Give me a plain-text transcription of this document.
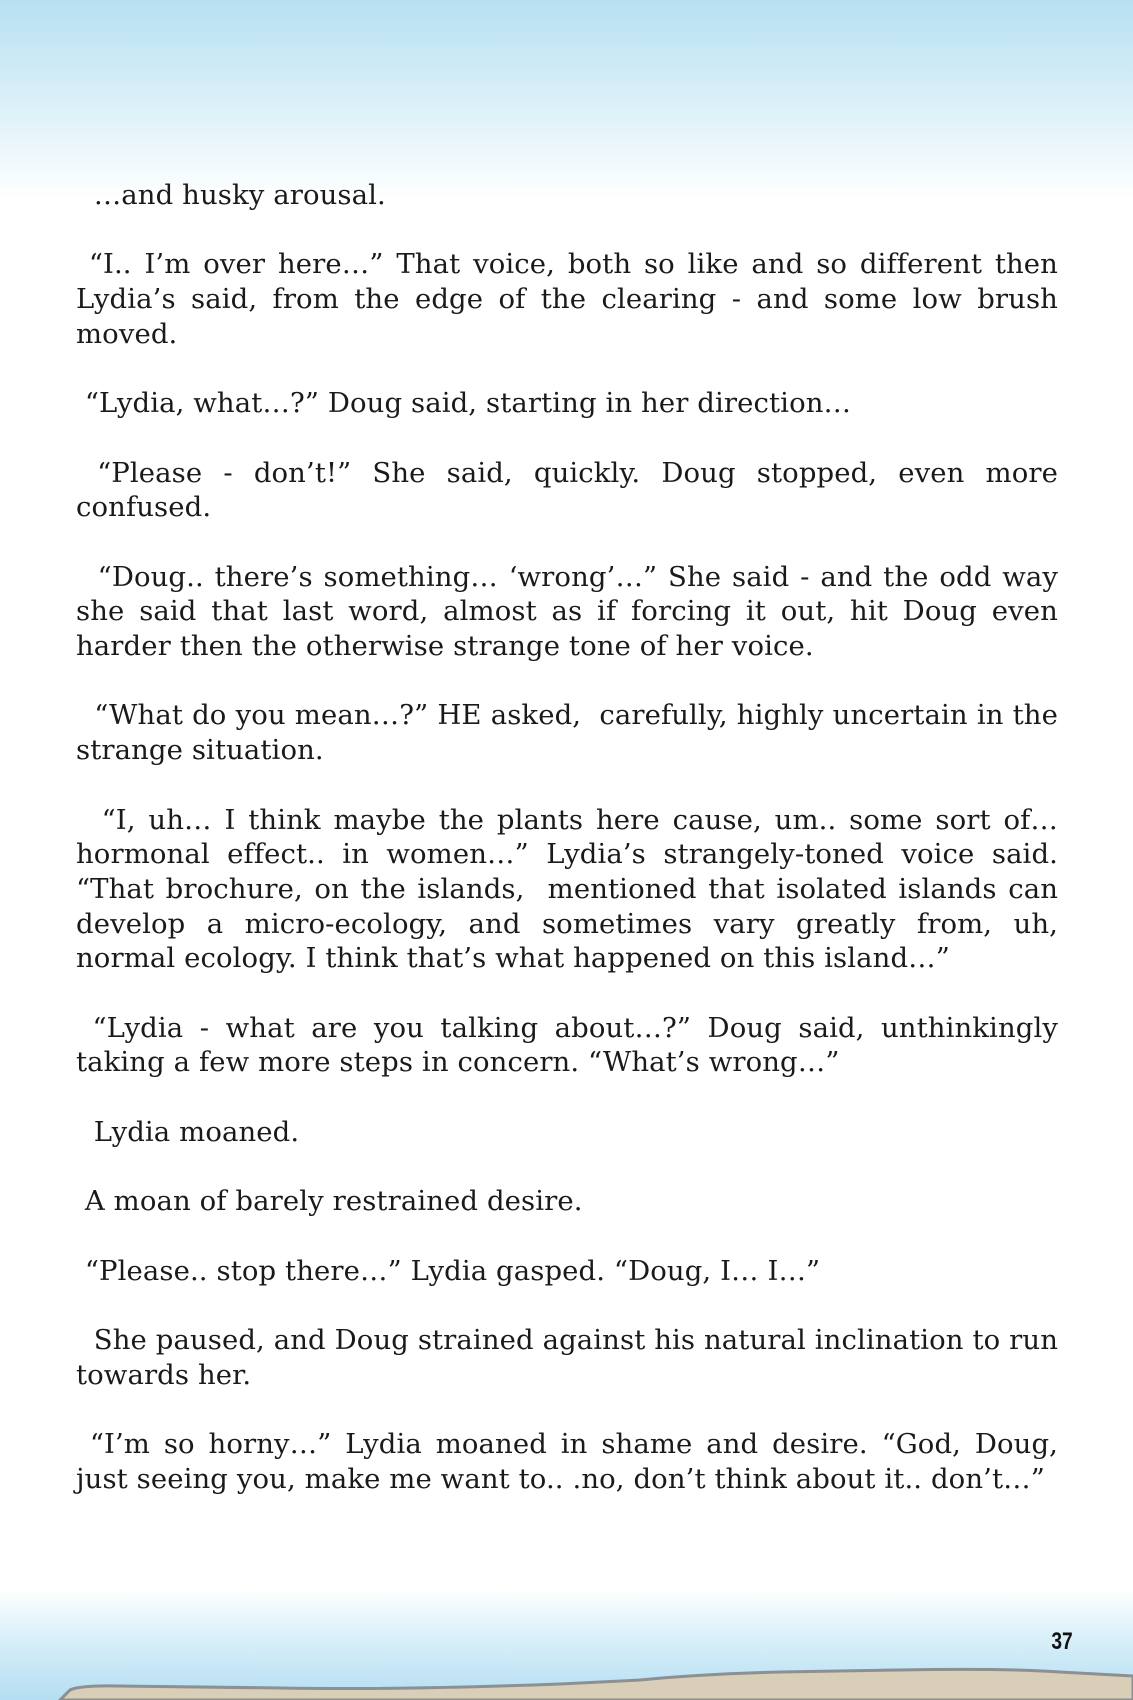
…and husky arousal.

“I.. I’m over here…” That voice, both so like and so different then Lydia’s said, from the edge of the clearing - and some low brush moved.

“Lydia, what…?” Doug said, starting in her direction…

“Please - don’t!” She said, quickly. Doug stopped, even more confused.

“Doug.. there’s something… ‘wrong’…” She said - and the odd way she said that last word, almost as if forcing it out, hit Doug even harder then the otherwise strange tone of her voice.

“What do you mean…?” HE asked,  carefully, highly uncertain in the strange situation.

“I, uh… I think maybe the plants here cause, um.. some sort of… hormonal effect.. in women…” Lydia’s strangely-toned voice said. “That brochure, on the islands,  mentioned that isolated islands can develop a micro-ecology, and sometimes vary greatly from, uh, normal ecology. I think that’s what happened on this island…”

“Lydia - what are you talking about…?” Doug said, unthinkingly taking a few more steps in concern. “What’s wrong…”

Lydia moaned.

A moan of barely restrained desire.

“Please.. stop there…” Lydia gasped. “Doug, I… I…”

She paused, and Doug strained against his natural inclination to run towards her.

“I’m so horny…” Lydia moaned in shame and desire. “God, Doug, just seeing you, make me want to.. .no, don’t think about it.. don’t…”

37
